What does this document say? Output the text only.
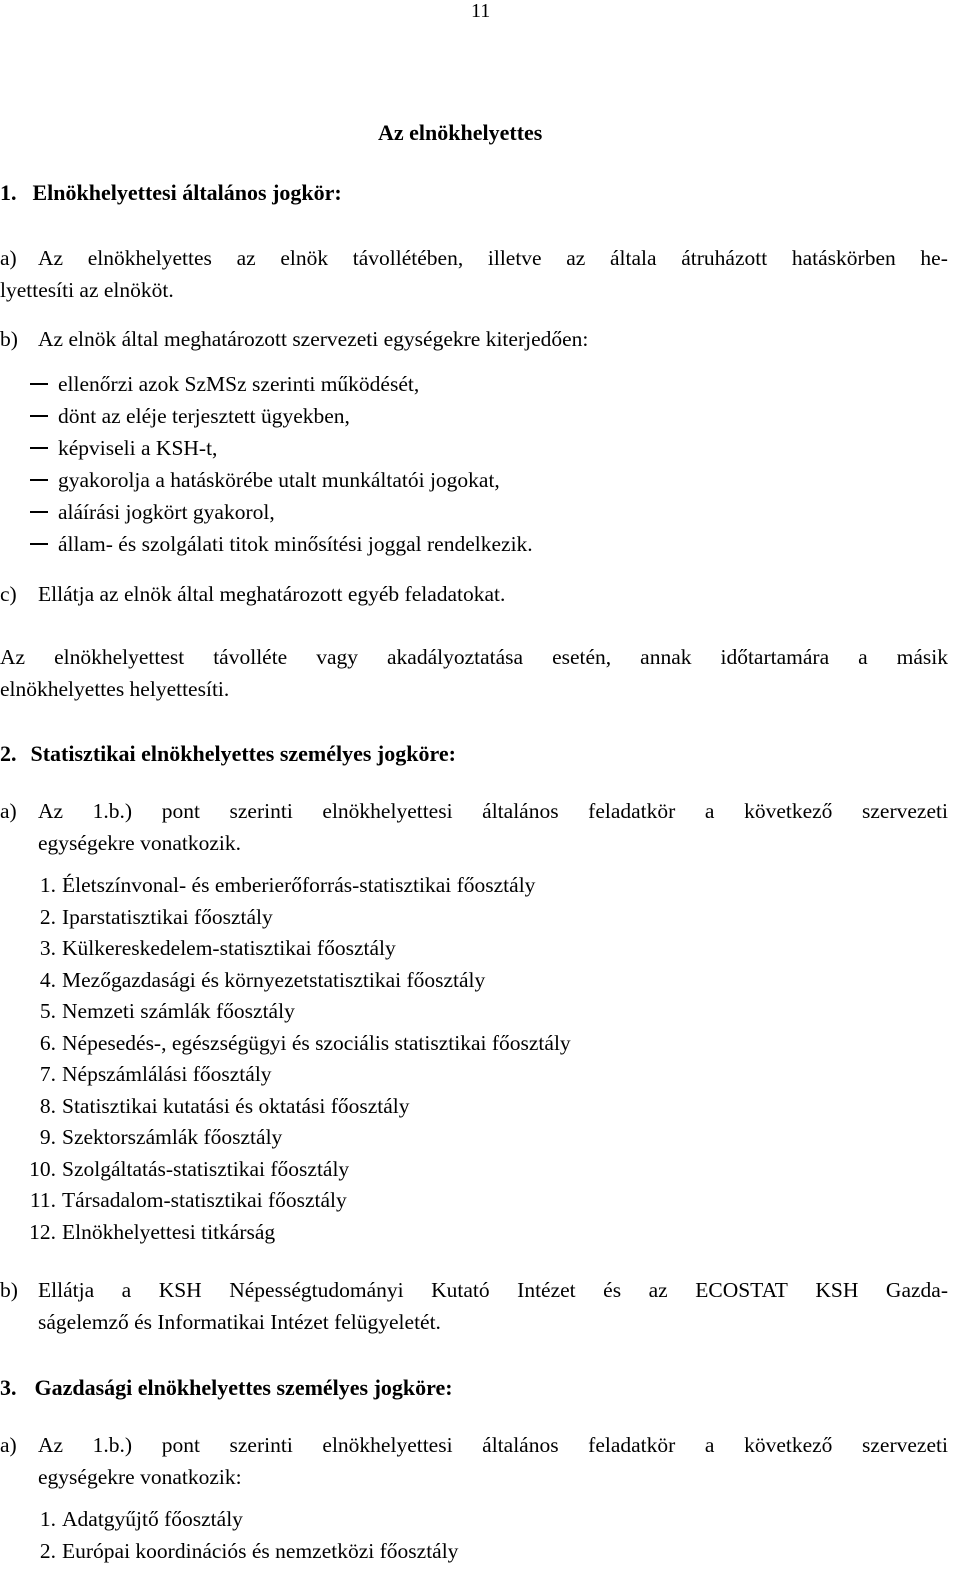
11
Az elnökhelyettes
1. Elnökhelyettesi általános jogkör:
a) Az elnökhelyettes az elnök távollétében, illetve az általa átruházott hatáskörben he-
lyettesíti az elnököt.
b) Az elnök által meghatározott szervezeti egységekre kiterjedően:
ellenőrzi azok SzMSz szerinti működését,
dönt az eléje terjesztett ügyekben,
képviseli a KSH-t,
gyakorolja a hatáskörébe utalt munkáltatói jogokat,
aláírási jogkört gyakorol,
állam- és szolgálati titok minősítési joggal rendelkezik.
c) Ellátja az elnök által meghatározott egyéb feladatokat.
Az elnökhelyettest távolléte vagy akadályoztatása esetén, annak időtartamára a másik
elnökhelyettes helyettesíti.
2. Statisztikai elnökhelyettes személyes jogköre:
a) Az 1.b.) pont szerinti elnökhelyettesi általános feladatkör a következő szervezeti
egységekre vonatkozik.
1. Életszínvonal- és emberierőforrás-statisztikai főosztály
2. Iparstatisztikai főosztály
3. Külkereskedelem-statisztikai főosztály
4. Mezőgazdasági és környezetstatisztikai főosztály
5. Nemzeti számlák főosztály
6. Népesedés-, egészségügyi és szociális statisztikai főosztály
7. Népszámlálási főosztály
8. Statisztikai kutatási és oktatási főosztály
9. Szektorszámlák főosztály
10. Szolgáltatás-statisztikai főosztály
11. Társadalom-statisztikai főosztály
12. Elnökhelyettesi titkárság
b) Ellátja a KSH Népességtudományi Kutató Intézet és az ECOSTAT KSH Gazda-
ságelemző és Informatikai Intézet felügyeletét.
3. Gazdasági elnökhelyettes személyes jogköre:
a) Az 1.b.) pont szerinti elnökhelyettesi általános feladatkör a következő szervezeti
egységekre vonatkozik:
1. Adatgyűjtő főosztály
2. Európai koordinációs és nemzetközi főosztály
